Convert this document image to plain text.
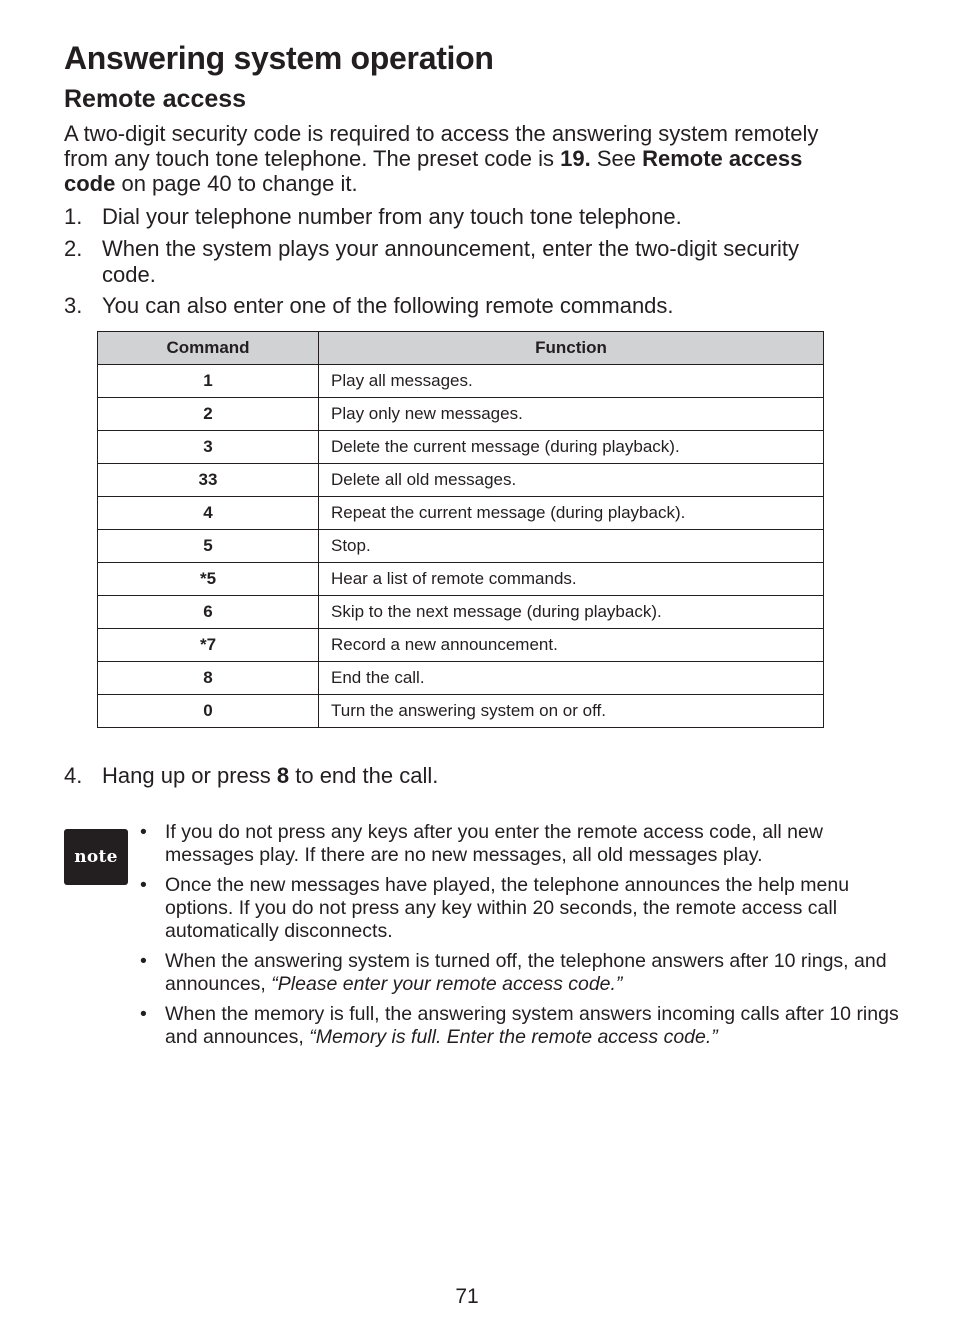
Answering system operation
Remote access

A two-digit security code is required to access the answering system remotely from any touch tone telephone. The preset code is 19. See Remote access code on page 40 to change it.

1. Dial your telephone number from any touch tone telephone.
2. When the system plays your announcement, enter the two-digit security code.
3. You can also enter one of the following remote commands.
Command	Function
1	Play all messages.
2	Play only new messages.
3	Delete the current message (during playback).
33	Delete all old messages.
4	Repeat the current message (during playback).
5	Stop.
*5	Hear a list of remote commands.
6	Skip to the next message (during playback).
*7	Record a new announcement.
8	End the call.
0	Turn the answering system on or off.
4. Hang up or press 8 to end the call.
note
• If you do not press any keys after you enter the remote access code, all new messages play. If there are no new messages, all old messages play.
• Once the new messages have played, the telephone announces the help menu options. If you do not press any key within 20 seconds, the remote access call automatically disconnects.
• When the answering system is turned off, the telephone answers after 10 rings, and announces, “Please enter your remote access code.”
• When the memory is full, the answering system answers incoming calls after 10 rings and announces, “Memory is full. Enter the remote access code.”
71
